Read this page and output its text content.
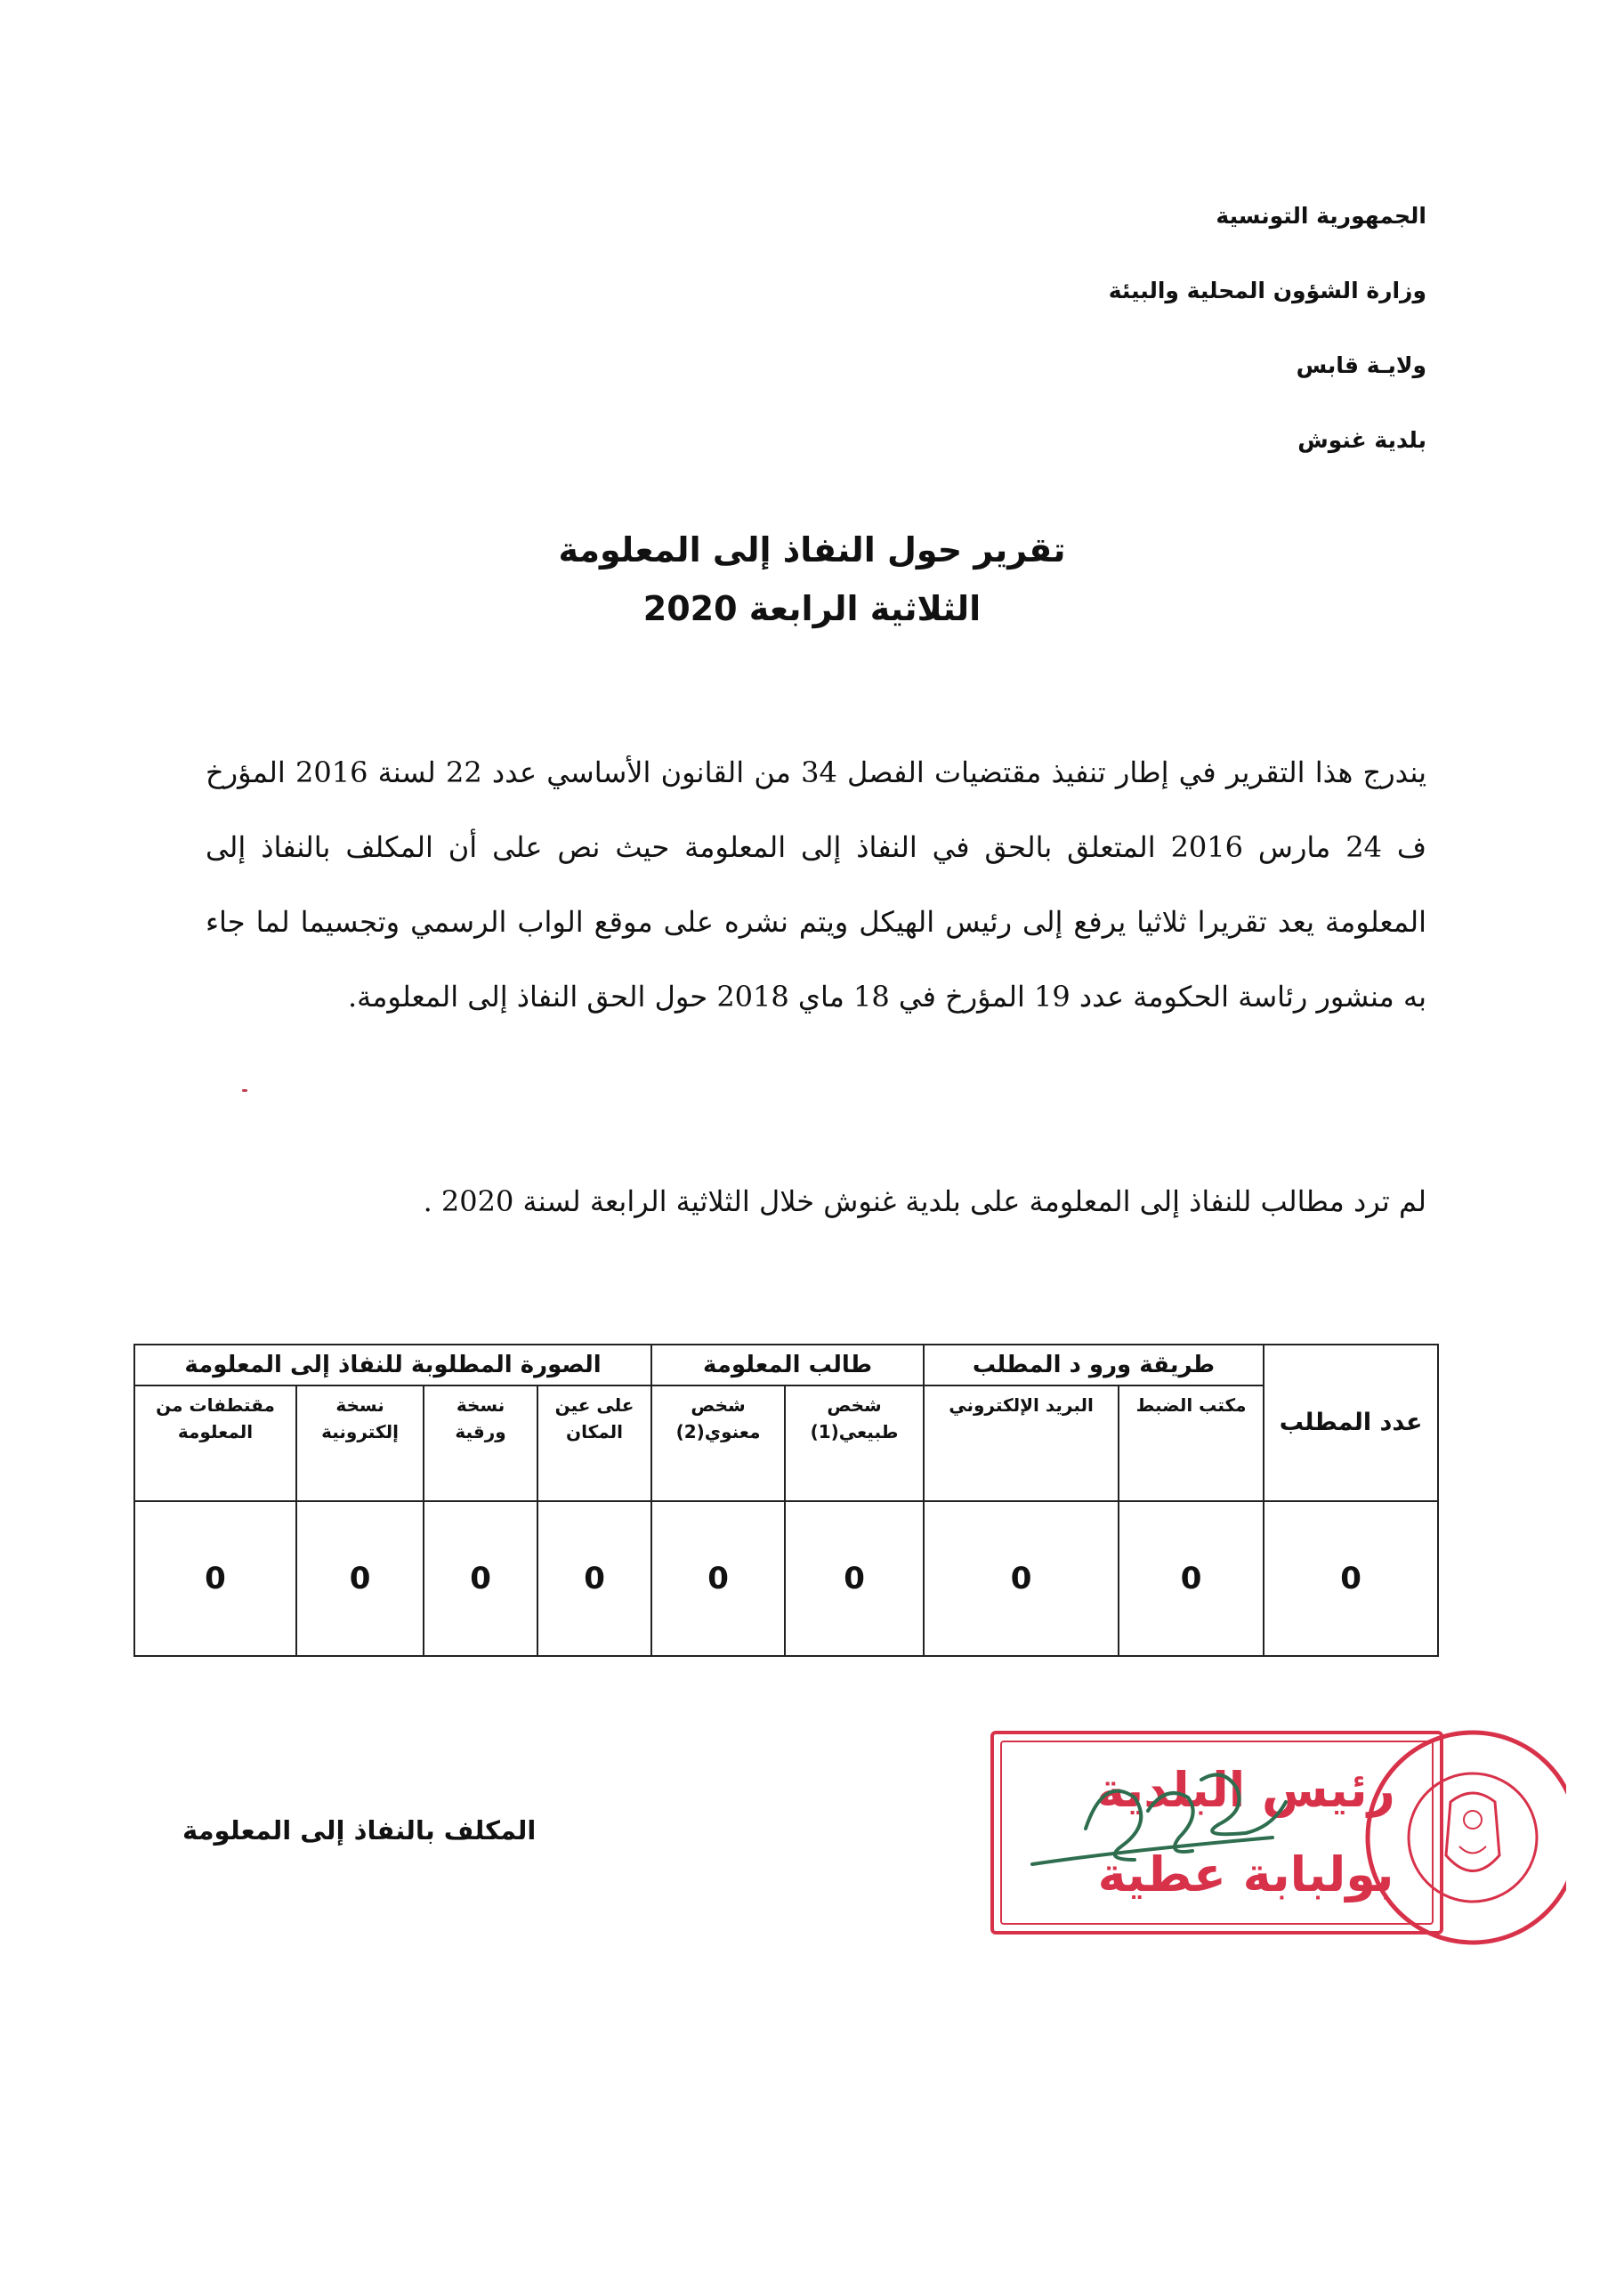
الجمهورية التونسية
وزارة الشؤون المحلية والبيئة
ولايـة قابس
بلدية غنوش
تقرير حول النفاذ إلى المعلومة
الثلاثية الرابعة 2020
يندرج هذا التقرير في إطار تنفيذ مقتضيات الفصل 34 من القانون الأساسي عدد 22 لسنة 2016 المؤرخ ف 24 مارس 2016 المتعلق بالحق في النفاذ إلى المعلومة حيث نص على أن المكلف بالنفاذ إلى المعلومة يعد تقريرا ثلاثيا يرفع إلى رئيس الهيكل ويتم نشره على موقع الواب الرسمي وتجسيما لما جاء به منشور رئاسة الحكومة عدد 19 المؤرخ في 18 ماي 2018 حول الحق النفاذ إلى المعلومة.
لم ترد مطالب للنفاذ إلى المعلومة على بلدية غنوش خلال الثلاثية الرابعة لسنة 2020 .
عدد المطلب	طريقة ورو د المطلب		طالب المعلومة		الصورة المطلوبة للنفاذ إلى المعلومة			
	مكتب الضبط	البريد الإلكتروني	شخص طبيعي(1)	شخص معنوي(2)	على عين المكان	نسخة ورقية	نسخة إلكترونية	مقتطفات من المعلومة
0	0	0	0	0	0	0	0	0
المكلف بالنفاذ إلى المعلومة
رئيس البلدية
بولبابة عطية
